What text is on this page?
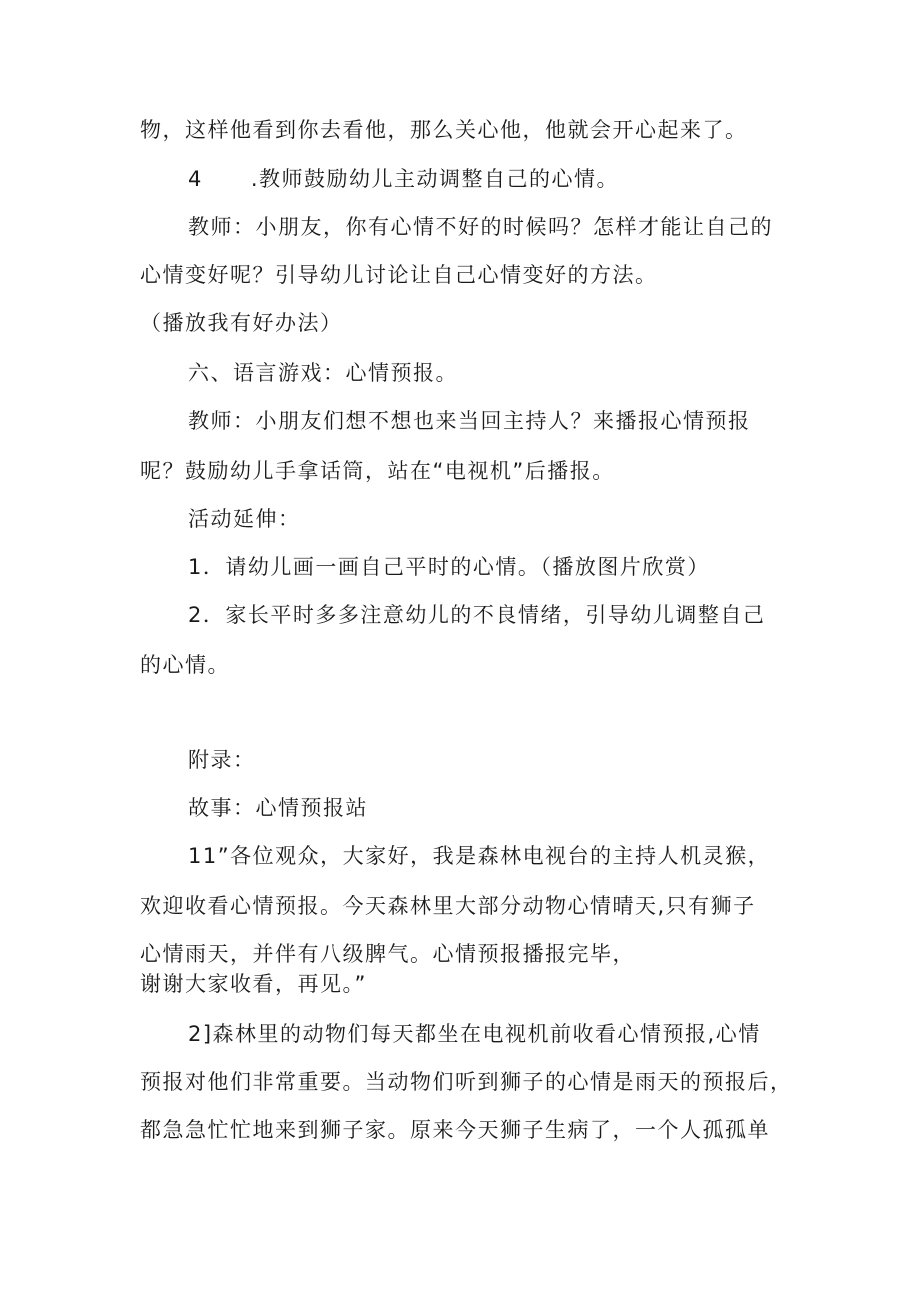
物，这样他看到你去看他，那么关心他，他就会开心起来了。
4 .教师鼓励幼儿主动调整自己的心情。
教师：小朋友，你有心情不好的时候吗？怎样才能让自己的
心情变好呢？引导幼儿讨论让自己心情变好的方法。
（播放我有好办法）
六、语言游戏：心情预报。
教师：小朋友们想不想也来当回主持人？来播报心情预报
呢？鼓励幼儿手拿话筒，站在“电视机”后播报。
活动延伸：
1．请幼儿画一画自己平时的心情。（播放图片欣赏）
2．家长平时多多注意幼儿的不良情绪，引导幼儿调整自己
的心情。
附录：
故事：心情预报站
11”各位观众，大家好，我是森林电视台的主持人机灵猴，
欢迎收看心情预报。今天森林里大部分动物心情晴天,只有狮子
心情雨天，并伴有八级脾气。心情预报播报完毕，
谢谢大家收看，再见。”
2]森林里的动物们每天都坐在电视机前收看心情预报,心情
预报对他们非常重要。当动物们听到狮子的心情是雨天的预报后，
都急急忙忙地来到狮子家。原来今天狮子生病了，一个人孤孤单
